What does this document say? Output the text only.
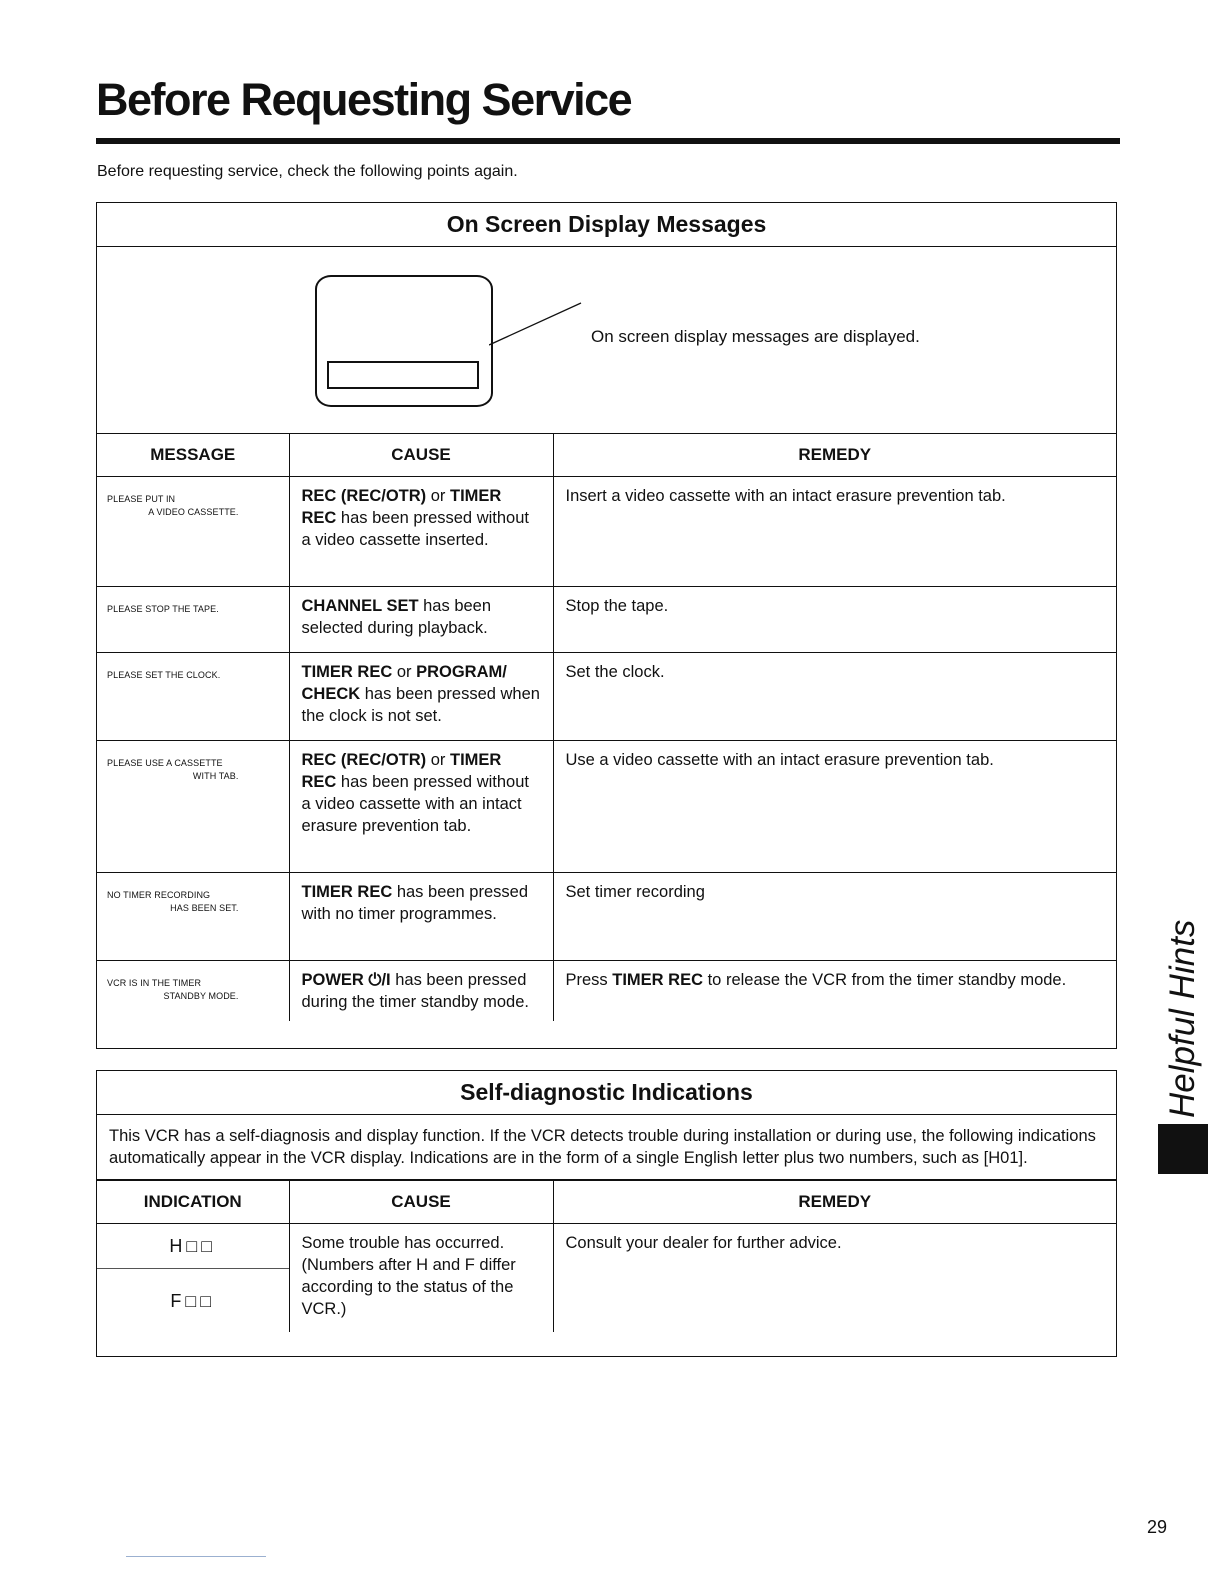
Before Requesting Service
Before requesting service, check the following points again.
On Screen Display Messages
On screen display messages are displayed.
MESSAGE	CAUSE	REMEDY

PLEASE PUT IN
A VIDEO CASSETTE.	REC (REC/OTR) or TIMER REC has been pressed without a video cassette inserted.	Insert a video cassette with an intact erasure prevention tab.

PLEASE STOP THE TAPE.	CHANNEL SET has been selected during playback.	Stop the tape.

PLEASE SET THE CLOCK.	TIMER REC or PROGRAM/ CHECK has been pressed when the clock is not set.	Set the clock.

PLEASE USE A CASSETTE
WITH TAB.	REC (REC/OTR) or TIMER REC has been pressed without a video cassette with an intact erasure prevention tab.	Use a video cassette with an intact erasure prevention tab.

NO TIMER RECORDING
HAS BEEN SET.	TIMER REC has been pressed with no timer programmes.	Set timer recording

VCR IS IN THE TIMER
STANDBY MODE.	POWER ⏻/I has been pressed during the timer standby mode.	Press TIMER REC to release the VCR from the timer standby mode.
Self-diagnostic Indications
This VCR has a self-diagnosis and display function. If the VCR detects trouble during installation or during use, the following indications automatically appear in the VCR display. Indications are in the form of a single English letter plus two numbers, such as [H01].
INDICATION	CAUSE	REMEDY

H□□
F□□	Some trouble has occurred. (Numbers after H and F differ according to the status of the VCR.)	Consult your dealer for further advice.
Helpful Hints
29
